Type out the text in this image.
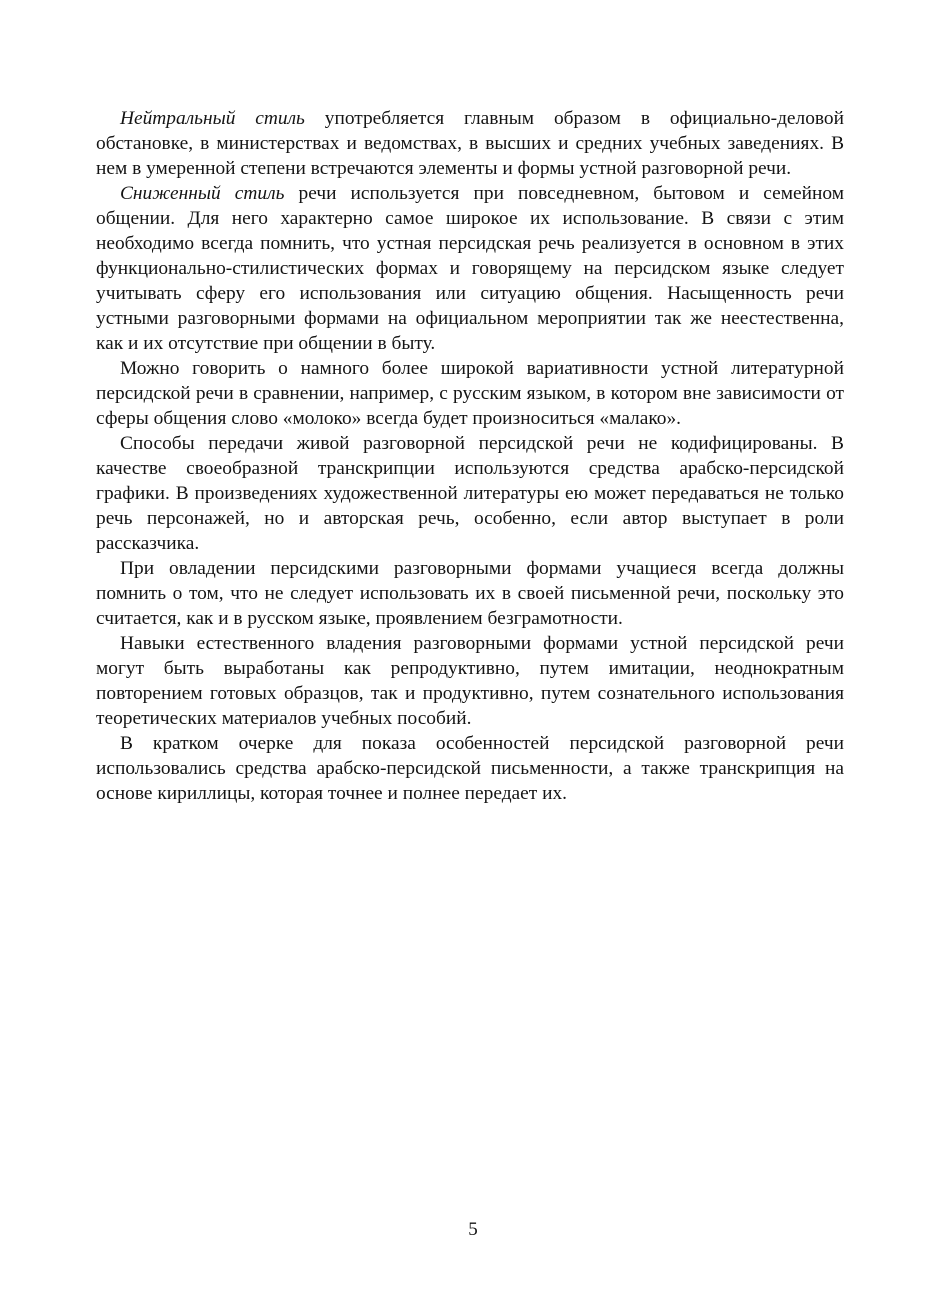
Нейтральный стиль употребляется главным образом в официально-деловой обстановке, в министерствах и ведомствах, в высших и средних учебных заведениях. В нем в умеренной степени встречаются элементы и формы устной разговорной речи.

Сниженный стиль речи используется при повседневном, бытовом и семейном общении. Для него характерно самое широкое их использование. В связи с этим необходимо всегда помнить, что устная персидская речь реализуется в основном в этих функционально-стилистических формах и говорящему на персидском языке следует учитывать сферу его использования или ситуацию общения. Насыщенность речи устными разговорными формами на официальном мероприятии так же неестественна, как и их отсутствие при общении в быту.

Можно говорить о намного более широкой вариативности устной литературной персидской речи в сравнении, например, с русским языком, в котором вне зависимости от сферы общения слово «молоко» всегда будет произноситься «малако».

Способы передачи живой разговорной персидской речи не кодифицированы. В качестве своеобразной транскрипции используются средства арабско-персидской графики. В произведениях художественной литературы ею может передаваться не только речь персонажей, но и авторская речь, особенно, если автор выступает в роли рассказчика.

При овладении персидскими разговорными формами учащиеся всегда должны помнить о том, что не следует использовать их в своей письменной речи, поскольку это считается, как и в русском языке, проявлением безграмотности.

Навыки естественного владения разговорными формами устной персидской речи могут быть выработаны как репродуктивно, путем имитации, неоднократным повторением готовых образцов, так и продуктивно, путем сознательного использования теоретических материалов учебных пособий.

В кратком очерке для показа особенностей персидской разговорной речи использовались средства арабско-персидской письменности, а также транскрипция на основе кириллицы, которая точнее и полнее передает их.

5
